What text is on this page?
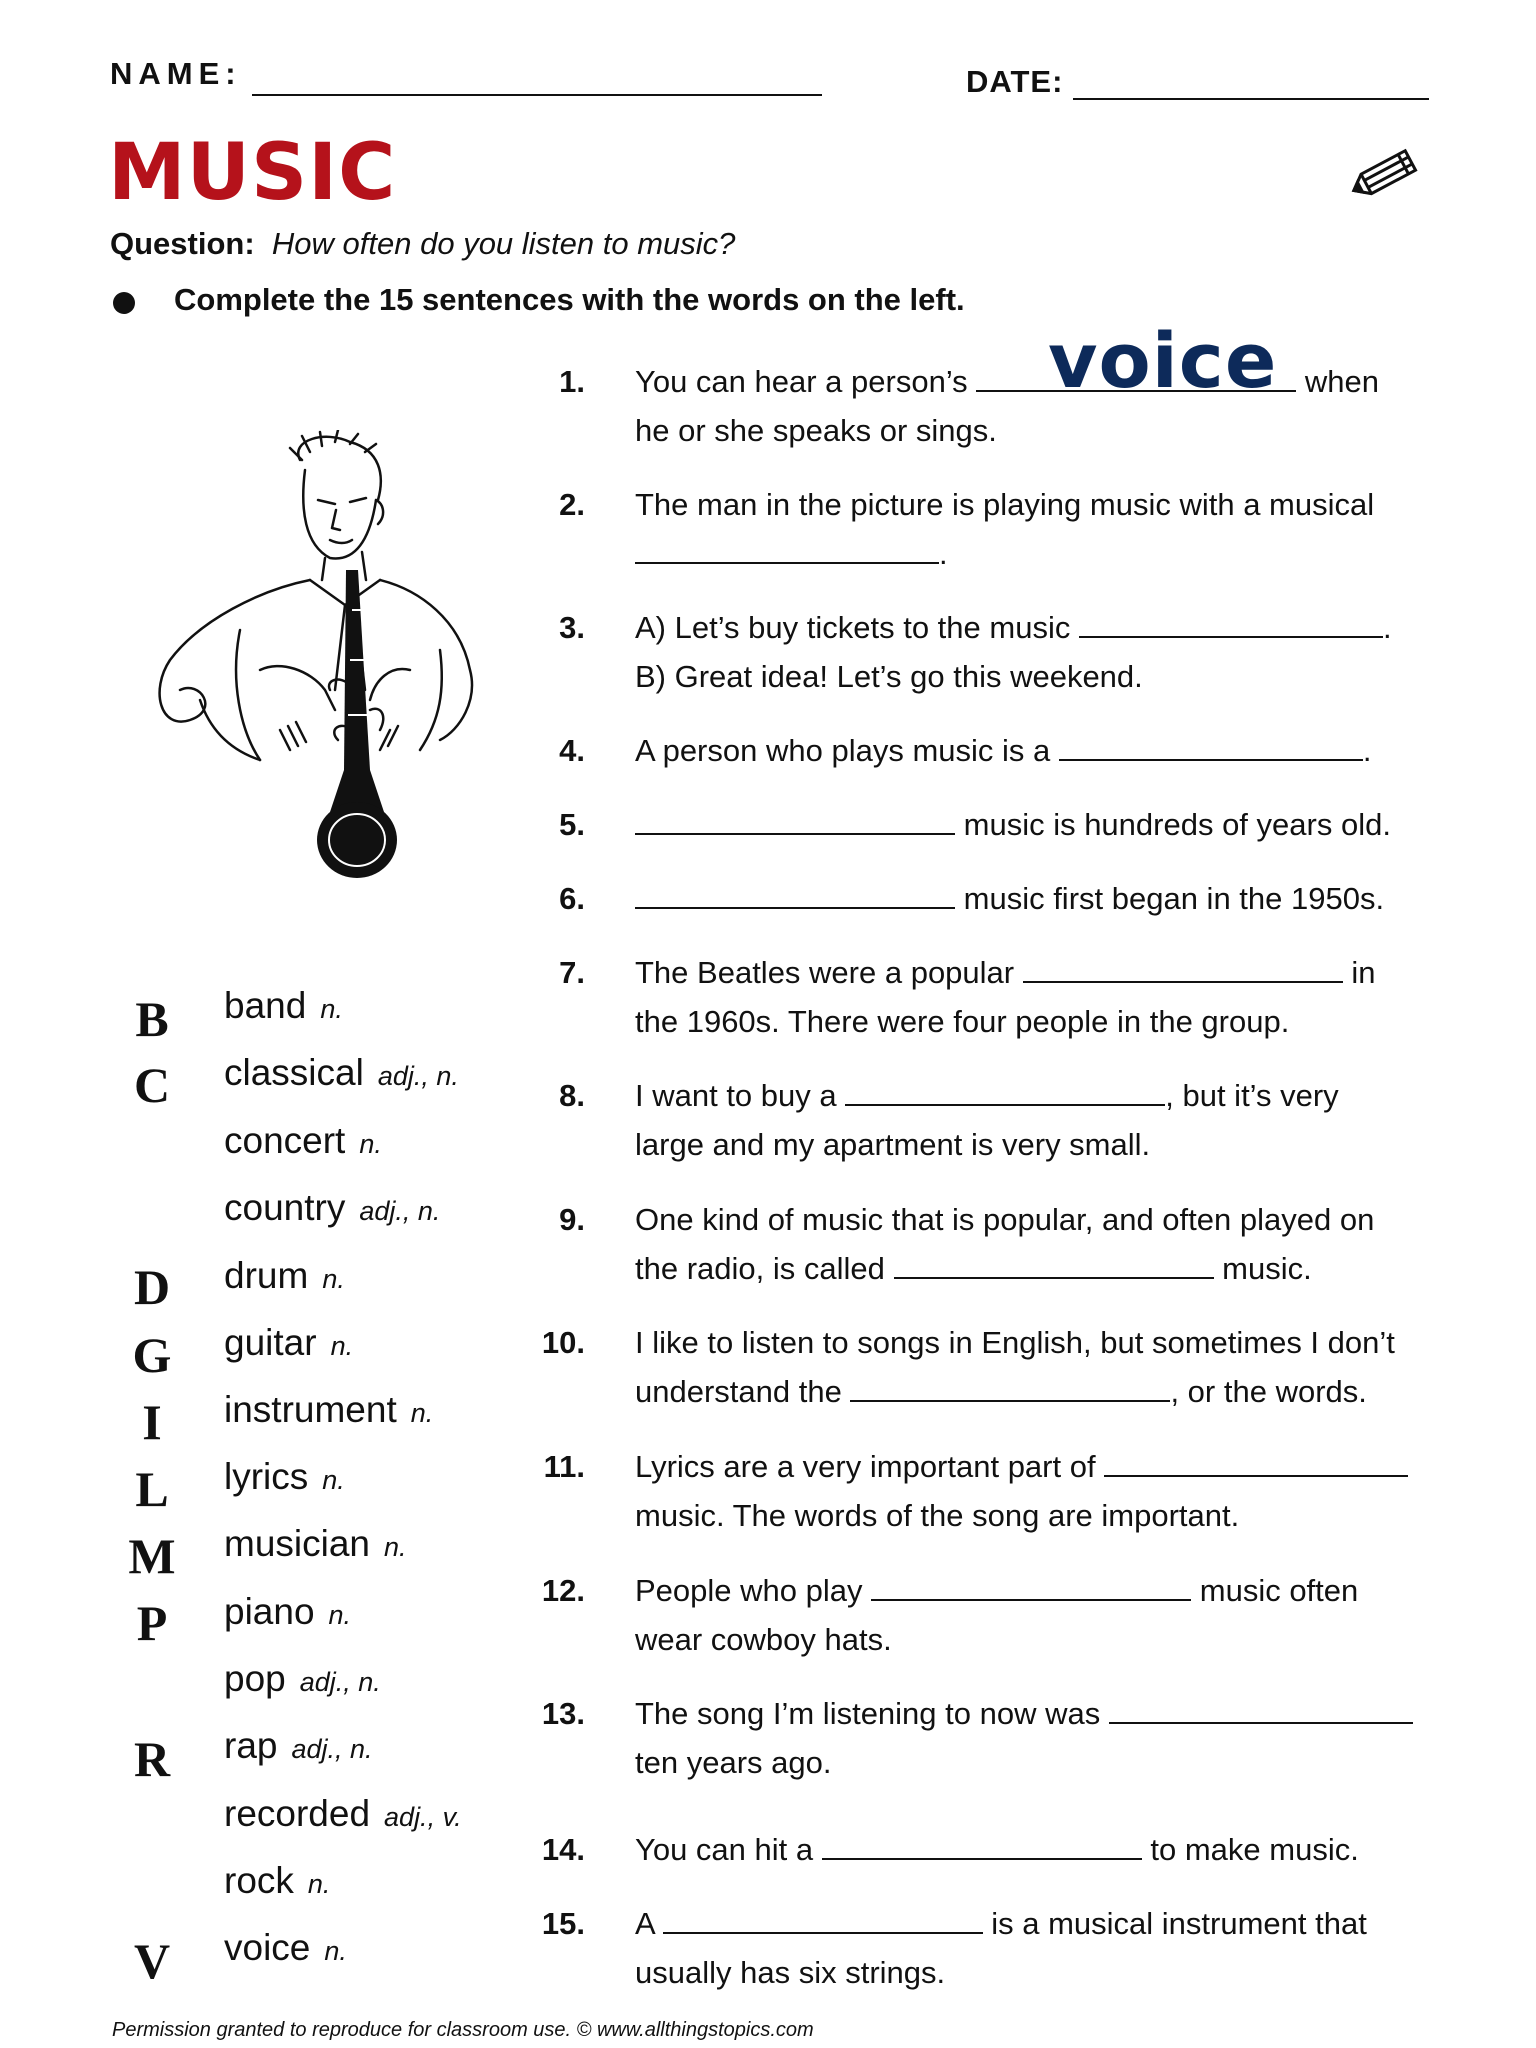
NAME:	DATE:
MUSIC
Question: How often do you listen to music?
Complete the 15 sentences with the words on the left.
B	band n.
C	classical adj., n.
concert n.
country adj., n.
D	drum n.
G guitar n.
I	instrument n.
L	lyrics n.
M musician n.
P	piano n.
pop adj., n.
R	rap adj., n.
recorded adj., v.
rock n.
V	voice n.
1. You can hear a person’s	when
he or she speaks or sings.
voice
2. The man in the picture is playing music with a musical
.
3. A) Let’s buy tickets to the music	.
B) Great idea! Let’s go this weekend.
4. A person who plays music is a	.
5.	music is hundreds of years old.
6.	music first began in the 1950s.
7. The Beatles were a popular	in
the 1960s. There were four people in the group.
8. I want to buy a	, but it’s very
large and my apartment is very small.
9. One kind of music that is popular, and often played on
the radio, is called	music.
10. I like to listen to songs in English, but sometimes I don’t
understand the	, or the words.
11. Lyrics are a very important part of
music. The words of the song are important.
12. People who play	music often
wear cowboy hats.
13. The song I’m listening to now was
ten years ago.
14. You can hit a	to make music.
15. A	is a musical instrument that
usually has six strings.
Permission granted to reproduce for classroom use. © www.allthingstopics.com
